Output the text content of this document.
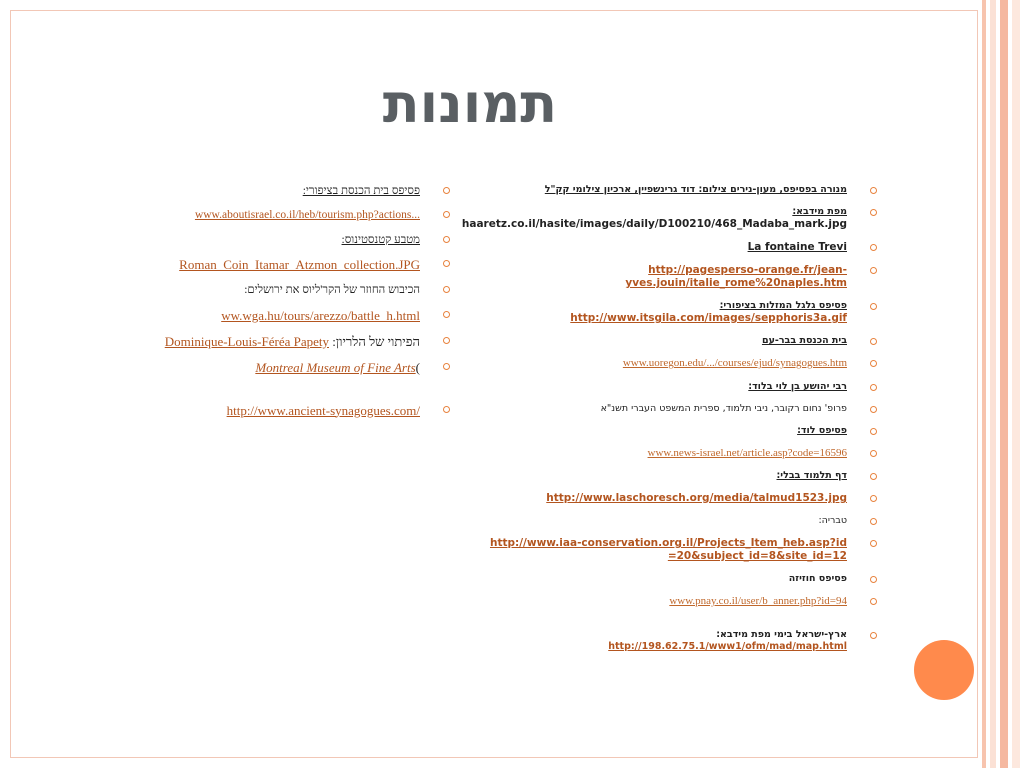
תמונות
מנורה בפסיפס, מעון-נירים צילום: דוד גרינשפיין, ארכיון צילומי קק"ל
מפת מידבא:
haaretz.co.il/hasite/images/daily/D100210/468_Madaba_mark.jpg
La fontaine Trevi
http://pagesperso-orange.fr/jean-yves.jouin/italie_rome%20naples.htm
פסיפס גלגל המזלות בציפורי:
http://www.itsgila.com/images/sepphoris3a.gif
בית הכנסת בבר-עם
www.uoregon.edu/.../courses/ejud/synagogues.htm
רבי יהושע בן לוי בלוד:
פרופ' נחום רקובר, ניבי תלמוד, ספרית המשפט העברי תשנ"א
פסיפס לוד:
www.news-israel.net/article.asp?code=16596
דף תלמוד בבלי:
http://www.laschoresch.org/media/talmud1523.jpg
טבריה:
http://www.iaa-conservation.org.il/Projects_Item_heb.asp?id=20&subject_id=8&site_id=12
פסיפס חוזיזה
www.pnay.co.il/user/b_anner.php?id=94
ארץ-ישראל בימי מפת מידבא: http://198.62.75.1/www1/ofm/mad/map.html
פסיפס בית הכנסת בציפורי:
www.aboutisrael.co.il/heb/tourism.php?actions...
מטבע קטנסטינוס:
Roman_Coin_Itamar_Atzmon_collection.JPG
הכיבוש החוזר של הקר'ליוס את ירושלים:
ww.wga.hu/tours/arezzo/battle_h.html
הפיתוי של הלריון: Dominique-Louis-Féréa Papety
)Montreal Museum of Fine Arts
http://www.ancient-synagogues.com/
